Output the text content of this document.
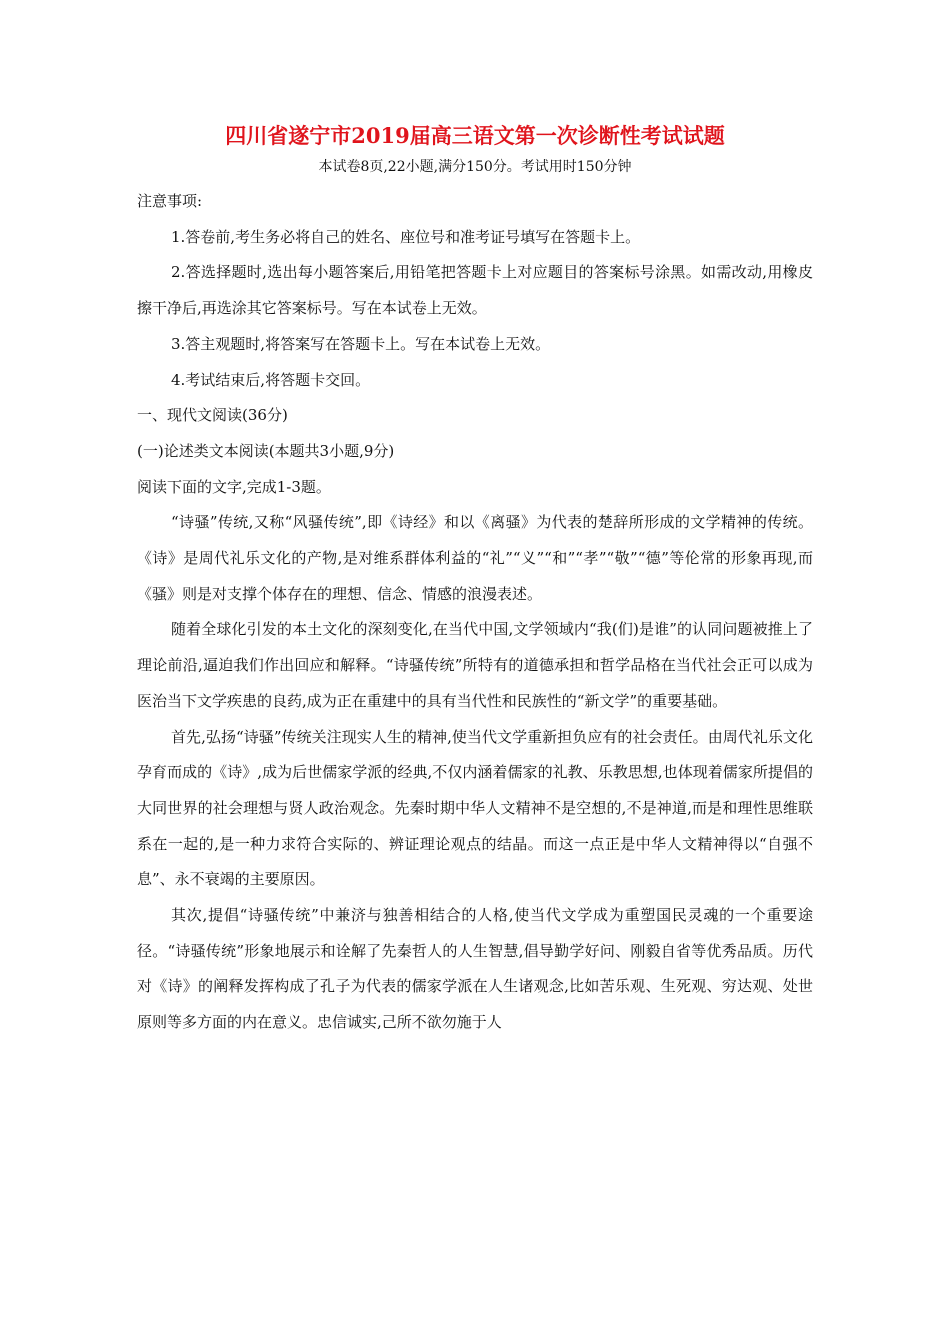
四川省遂宁市2019届高三语文第一次诊断性考试试题
本试卷8页,22小题,满分150分。考试用时150分钟
注意事项:
1.答卷前,考生务必将自己的姓名、座位号和准考证号填写在答题卡上。

2.答选择题时,选出每小题答案后,用铅笔把答题卡上对应题目的答案标号涂黑。如需改动,用橡皮擦干净后,再选涂其它答案标号。写在本试卷上无效。

3.答主观题时,将答案写在答题卡上。写在本试卷上无效。
4.考试结束后,将答题卡交回。
一、现代文阅读(36分)
(一)论述类文本阅读(本题共3小题,9分)
阅读下面的文字,完成1-3题。

“诗骚”传统,又称“风骚传统”,即《诗经》和以《离骚》为代表的楚辞所形成的文学精神的传统。《诗》是周代礼乐文化的产物,是对维系群体利益的“礼”“义”“和”“孝”“敬”“德”等伦常的形象再现,而《骚》则是对支撑个体存在的理想、信念、情感的浪漫表述。

随着全球化引发的本土文化的深刻变化,在当代中国,文学领域内“我(们)是谁”的认同问题被推上了理论前沿,逼迫我们作出回应和解释。“诗骚传统”所特有的道德承担和哲学品格在当代社会正可以成为医治当下文学疾患的良药,成为正在重建中的具有当代性和民族性的“新文学”的重要基础。

首先,弘扬“诗骚”传统关注现实人生的精神,使当代文学重新担负应有的社会责任。由周代礼乐文化孕育而成的《诗》,成为后世儒家学派的经典,不仅内涵着儒家的礼教、乐教思想,也体现着儒家所提倡的大同世界的社会理想与贤人政治观念。先秦时期中华人文精神不是空想的,不是神道,而是和理性思维联系在一起的,是一种力求符合实际的、辨证理论观点的结晶。而这一点正是中华人文精神得以“自强不息”、永不衰竭的主要原因。

其次,提倡“诗骚传统”中兼济与独善相结合的人格,使当代文学成为重塑国民灵魂的一个重要途径。“诗骚传统”形象地展示和诠解了先秦哲人的人生智慧,倡导勤学好问、刚毅自省等优秀品质。历代对《诗》的阐释发挥构成了孔子为代表的儒家学派在人生诸观念,比如苦乐观、生死观、穷达观、处世原则等多方面的内在意义。忠信诚实,己所不欲勿施于人
